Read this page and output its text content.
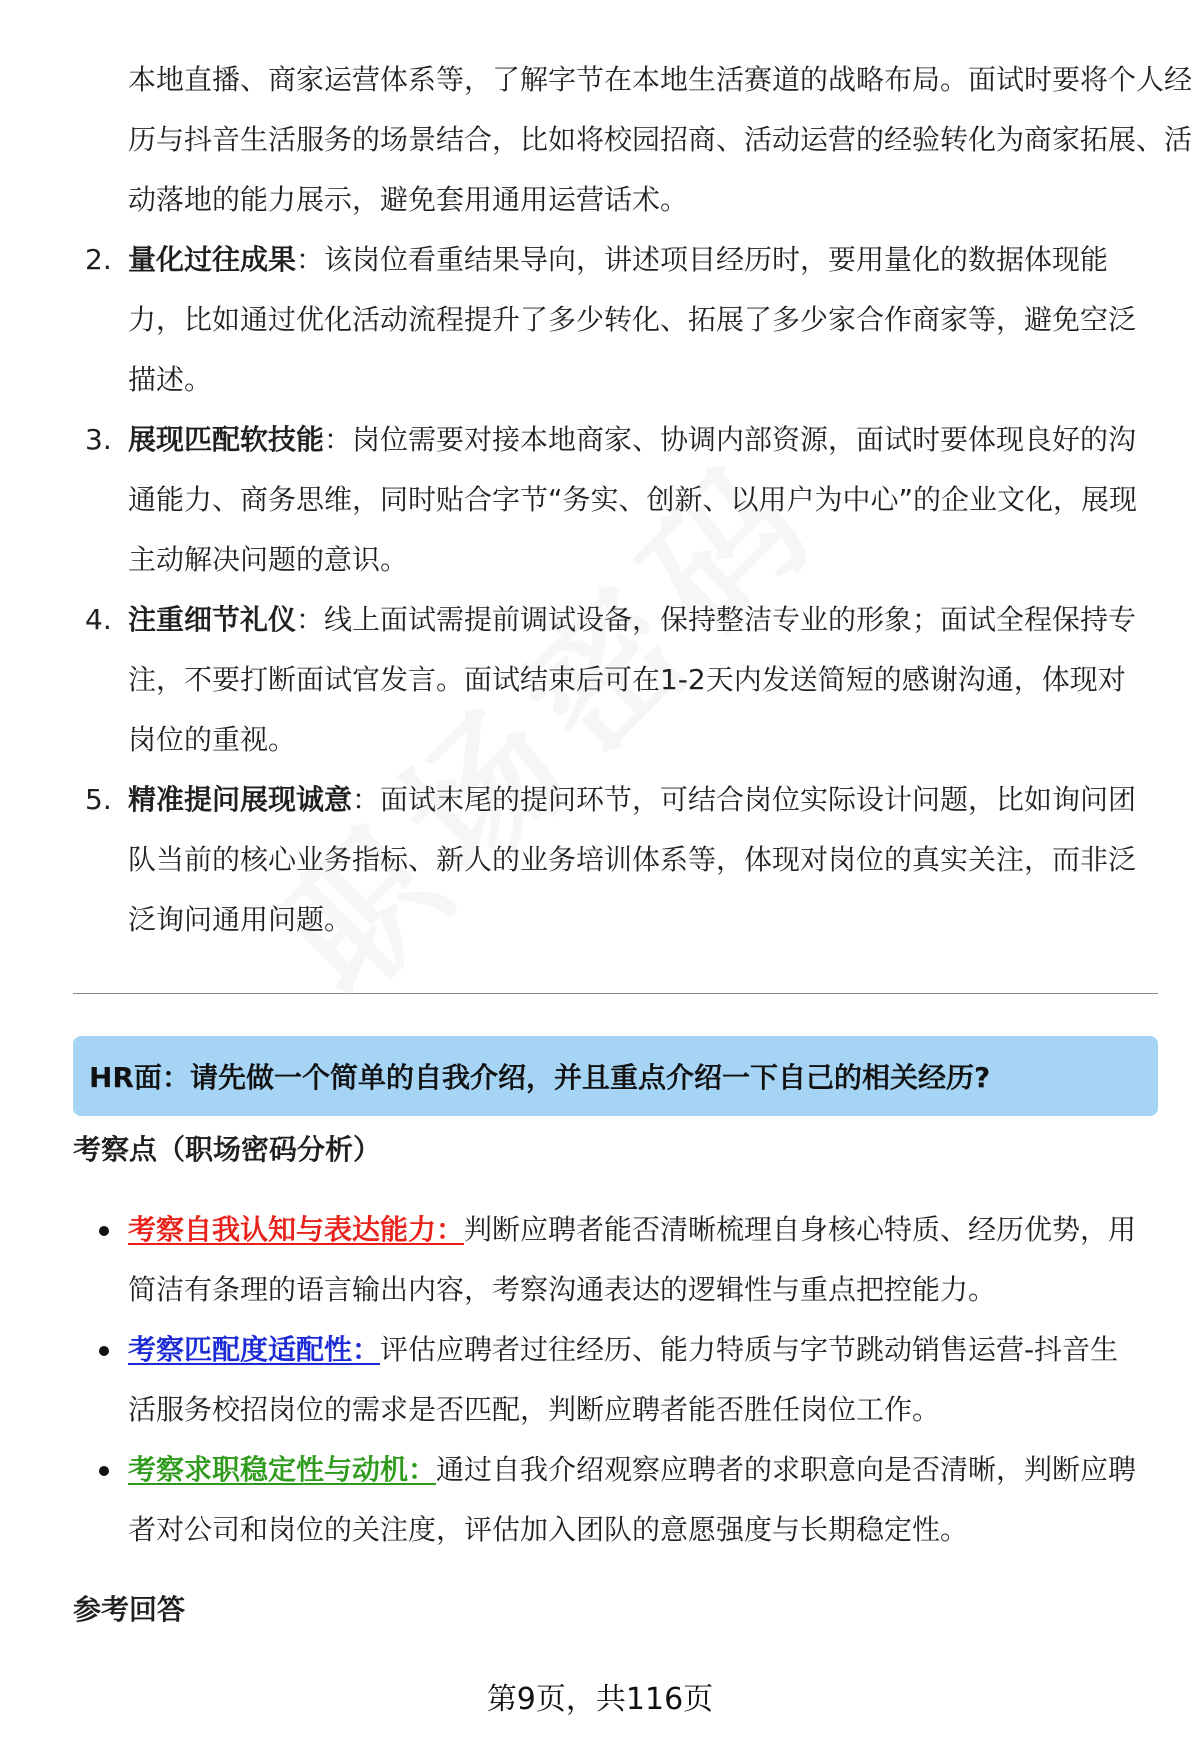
本地直播、商家运营体系等，了解字节在本地生活赛道的战略布局。面试时要将个人经历与抖音生活服务的场景结合，比如将校园招商、活动运营的经验转化为商家拓展、活动落地的能力展示，避免套用通用运营话术。
2. 量化过往成果：该岗位看重结果导向，讲述项目经历时，要用量化的数据体现能力，比如通过优化活动流程提升了多少转化、拓展了多少家合作商家等，避免空泛描述。
3. 展现匹配软技能：岗位需要对接本地商家、协调内部资源，面试时要体现良好的沟通能力、商务思维，同时贴合字节“务实、创新、以用户为中心”的企业文化，展现主动解决问题的意识。
4. 注重细节礼仪：线上面试需提前调试设备，保持整洁专业的形象；面试全程保持专注，不要打断面试官发言。面试结束后可在1-2天内发送简短的感谢沟通，体现对岗位的重视。
5. 精准提问展现诚意：面试末尾的提问环节，可结合岗位实际设计问题，比如询问团队当前的核心业务指标、新人的业务培训体系等，体现对岗位的真实关注，而非泛泛询问通用问题。
HR面：请先做一个简单的自我介绍，并且重点介绍一下自己的相关经历?
考察点（职场密码分析）
考察自我认知与表达能力：判断应聘者能否清晰梳理自身核心特质、经历优势，用简洁有条理的语言输出内容，考察沟通表达的逻辑性与重点把控能力。
考察匹配度适配性：评估应聘者过往经历、能力特质与字节跳动销售运营-抖音生活服务校招岗位的需求是否匹配，判断应聘者能否胜任岗位工作。
考察求职稳定性与动机：通过自我介绍观察应聘者的求职意向是否清晰，判断应聘者对公司和岗位的关注度，评估加入团队的意愿强度与长期稳定性。
参考回答
第9页，共116页
